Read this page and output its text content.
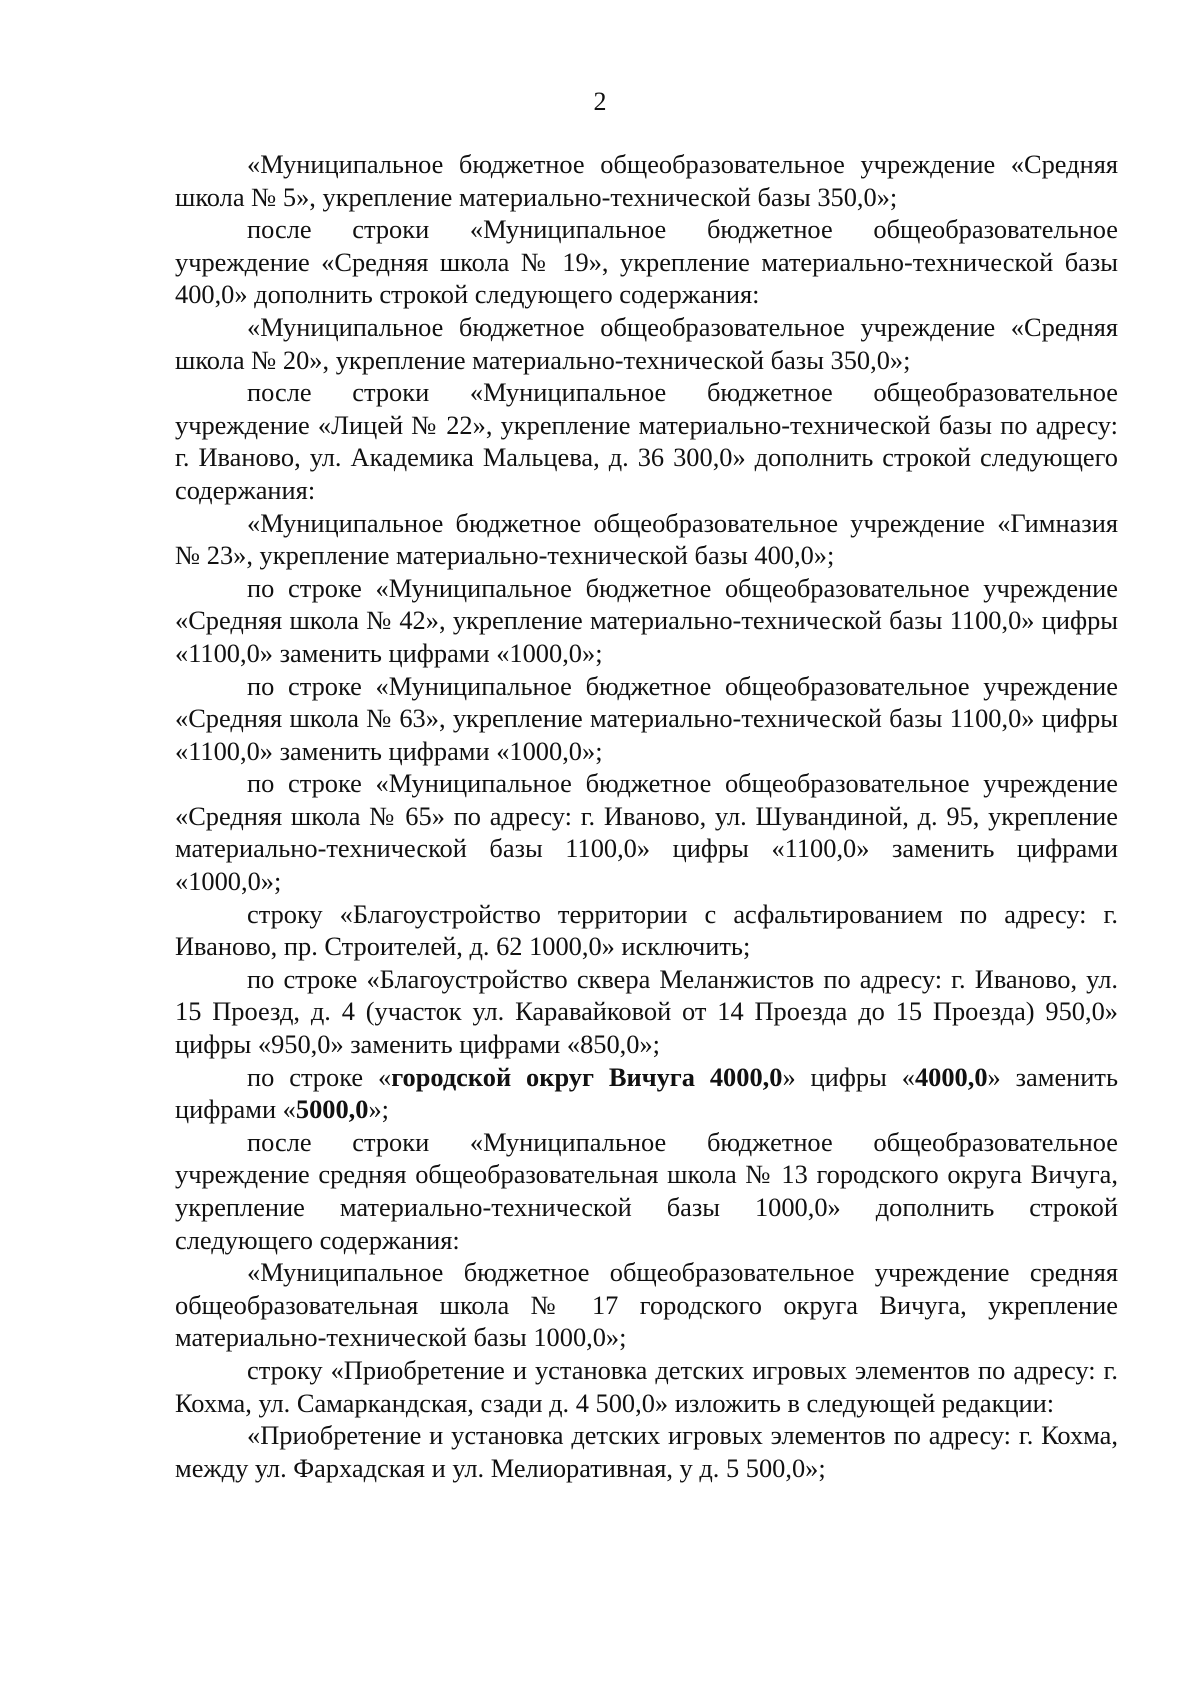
2

«Муниципальное бюджетное общеобразовательное учреждение «Средняя школа № 5», укрепление материально-технической базы 350,0»;

после строки «Муниципальное бюджетное общеобразовательное учреждение «Средняя школа № 19», укрепление материально-технической базы 400,0» дополнить строкой следующего содержания:

«Муниципальное бюджетное общеобразовательное учреждение «Средняя школа № 20», укрепление материально-технической базы 350,0»;

после строки «Муниципальное бюджетное общеобразовательное учреждение «Лицей № 22», укрепление материально-технической базы по адресу: г. Иваново, ул. Академика Мальцева, д. 36 300,0» дополнить строкой следующего содержания:

«Муниципальное бюджетное общеобразовательное учреждение «Гимназия № 23», укрепление материально-технической базы 400,0»;

по строке «Муниципальное бюджетное общеобразовательное учреждение «Средняя школа № 42», укрепление материально-технической базы 1100,0» цифры «1100,0» заменить цифрами «1000,0»;

по строке «Муниципальное бюджетное общеобразовательное учреждение «Средняя школа № 63», укрепление материально-технической базы 1100,0» цифры «1100,0» заменить цифрами «1000,0»;

по строке «Муниципальное бюджетное общеобразовательное учреждение «Средняя школа № 65» по адресу: г. Иваново, ул. Шувандиной, д. 95, укрепление материально-технической базы 1100,0» цифры «1100,0» заменить цифрами «1000,0»;

строку «Благоустройство территории с асфальтированием по адресу: г. Иваново, пр. Строителей, д. 62 1000,0» исключить;

по строке «Благоустройство сквера Меланжистов по адресу: г. Иваново, ул. 15 Проезд, д. 4 (участок ул. Каравайковой от 14 Проезда до 15 Проезда) 950,0» цифры «950,0» заменить цифрами «850,0»;

по строке «городской округ Вичуга 4000,0» цифры «4000,0» заменить цифрами «5000,0»;

после строки «Муниципальное бюджетное общеобразовательное учреждение средняя общеобразовательная школа № 13 городского округа Вичуга, укрепление материально-технической базы 1000,0» дополнить строкой следующего содержания:

«Муниципальное бюджетное общеобразовательное учреждение средняя общеобразовательная школа № 17 городского округа Вичуга, укрепление материально-технической базы 1000,0»;

строку «Приобретение и установка детских игровых элементов по адресу: г. Кохма, ул. Самаркандская, сзади д. 4 500,0» изложить в следующей редакции:

«Приобретение и установка детских игровых элементов по адресу: г. Кохма, между ул. Фархадская и ул. Мелиоративная, у д. 5 500,0»;
